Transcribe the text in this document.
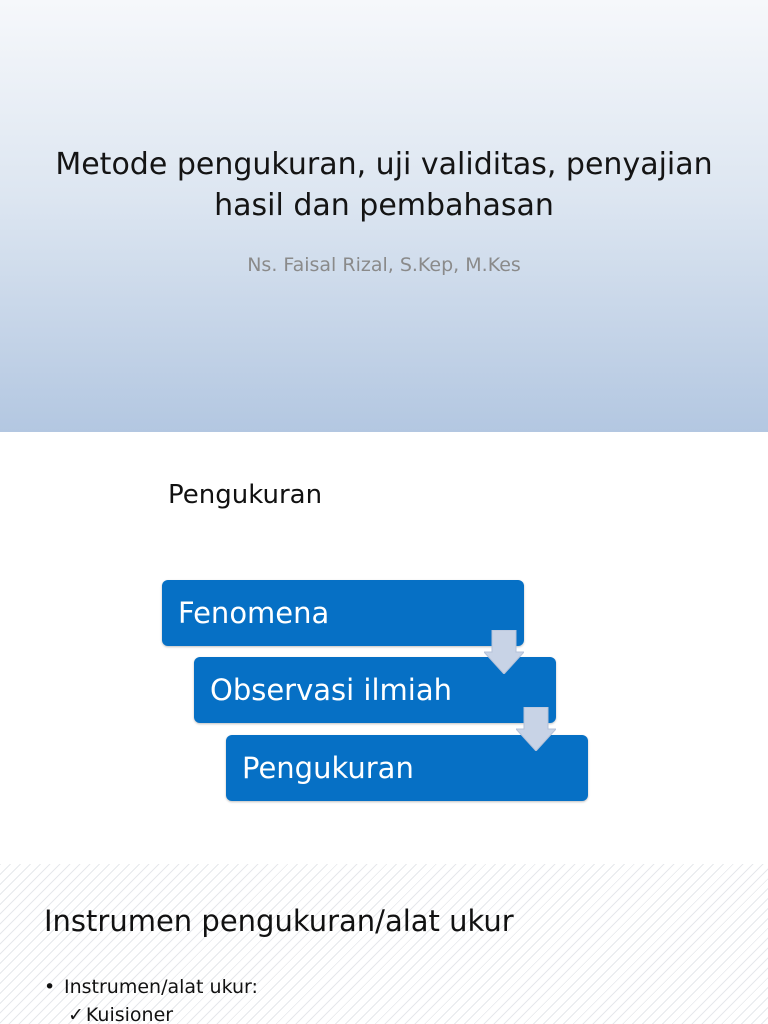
Metode pengukuran, uji validitas, penyajian
hasil dan pembahasan
Ns. Faisal Rizal, S.Kep, M.Kes
Pengukuran
Fenomena
Observasi ilmiah
Pengukuran
Instrumen pengukuran/alat ukur
• Instrumen/alat ukur:
✓ Kuisioner
